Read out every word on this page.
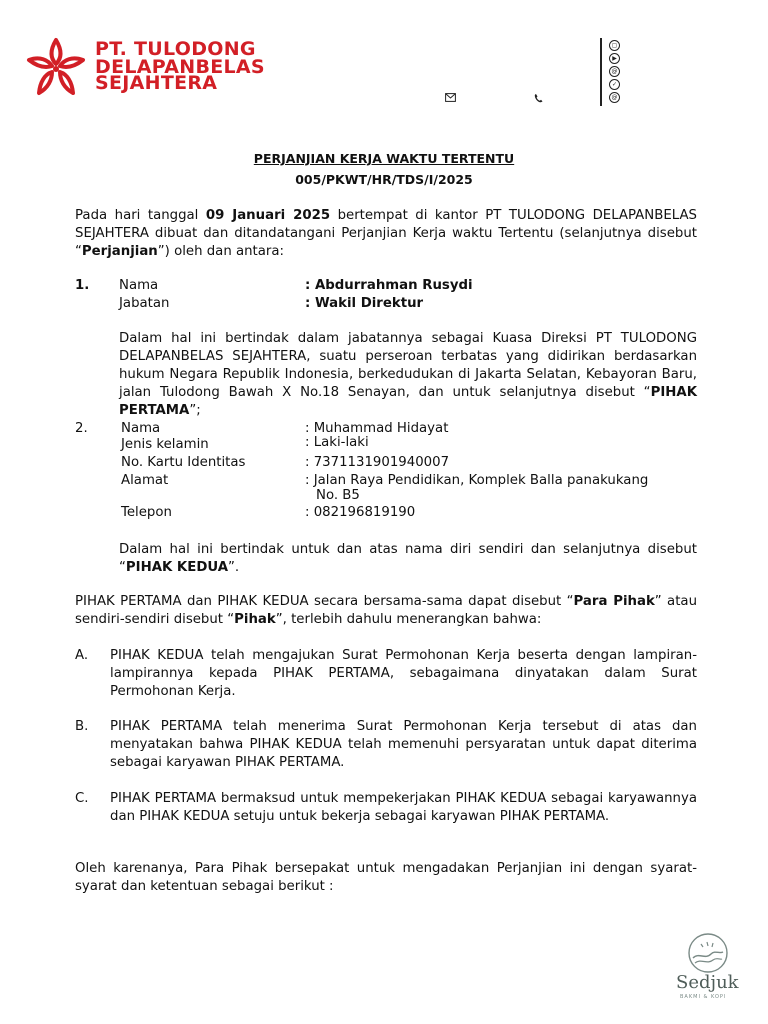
PT. TULODONG
DELAPANBELAS
SEJAHTERA
▢
▶
@
✓
@
PERJANJIAN KERJA WAKTU TERTENTU
005/PKWT/HR/TDS/I/2025
Pada hari tanggal 09 Januari 2025 bertempat di kantor PT TULODONG DELAPANBELAS SEJAHTERA dibuat dan ditandatangani Perjanjian Kerja waktu Tertentu (selanjutnya disebut “Perjanjian”) oleh dan antara:
1. Nama	: Abdurrahman Rusydi
Jabatan	: Wakil Direktur
Dalam hal ini bertindak dalam jabatannya sebagai Kuasa Direksi PT TULODONG DELAPANBELAS SEJAHTERA, suatu perseroan terbatas yang didirikan berdasarkan hukum Negara Republik Indonesia, berkedudukan di Jakarta Selatan, Kebayoran Baru, jalan Tulodong Bawah X No.18 Senayan, dan untuk selanjutnya disebut “PIHAK PERTAMA”;
2.	Nama	: Muhammad Hidayat
Jenis kelamin	: Laki-laki
No. Kartu Identitas	: 7371131901940007
Alamat	: Jalan Raya Pendidikan, Komplek Balla panakukang
No. B5
Telepon	: 082196819190
Dalam hal ini bertindak untuk dan atas nama diri sendiri dan selanjutnya disebut “PIHAK KEDUA”.
PIHAK PERTAMA dan PIHAK KEDUA secara bersama-sama dapat disebut “Para Pihak” atau sendiri-sendiri disebut “Pihak”, terlebih dahulu menerangkan bahwa:
A. PIHAK KEDUA telah mengajukan Surat Permohonan Kerja beserta dengan lampiran-lampirannya kepada PIHAK PERTAMA, sebagaimana dinyatakan dalam Surat Permohonan Kerja.
B. PIHAK PERTAMA telah menerima Surat Permohonan Kerja tersebut di atas dan menyatakan bahwa PIHAK KEDUA telah memenuhi persyaratan untuk dapat diterima sebagai karyawan PIHAK PERTAMA.
C. PIHAK PERTAMA bermaksud untuk mempekerjakan PIHAK KEDUA sebagai karyawannya dan PIHAK KEDUA setuju untuk bekerja sebagai karyawan PIHAK PERTAMA.
Oleh karenanya, Para Pihak bersepakat untuk mengadakan Perjanjian ini dengan syarat-syarat dan ketentuan sebagai berikut :
Sedjuk
BAKMI & KOPI
